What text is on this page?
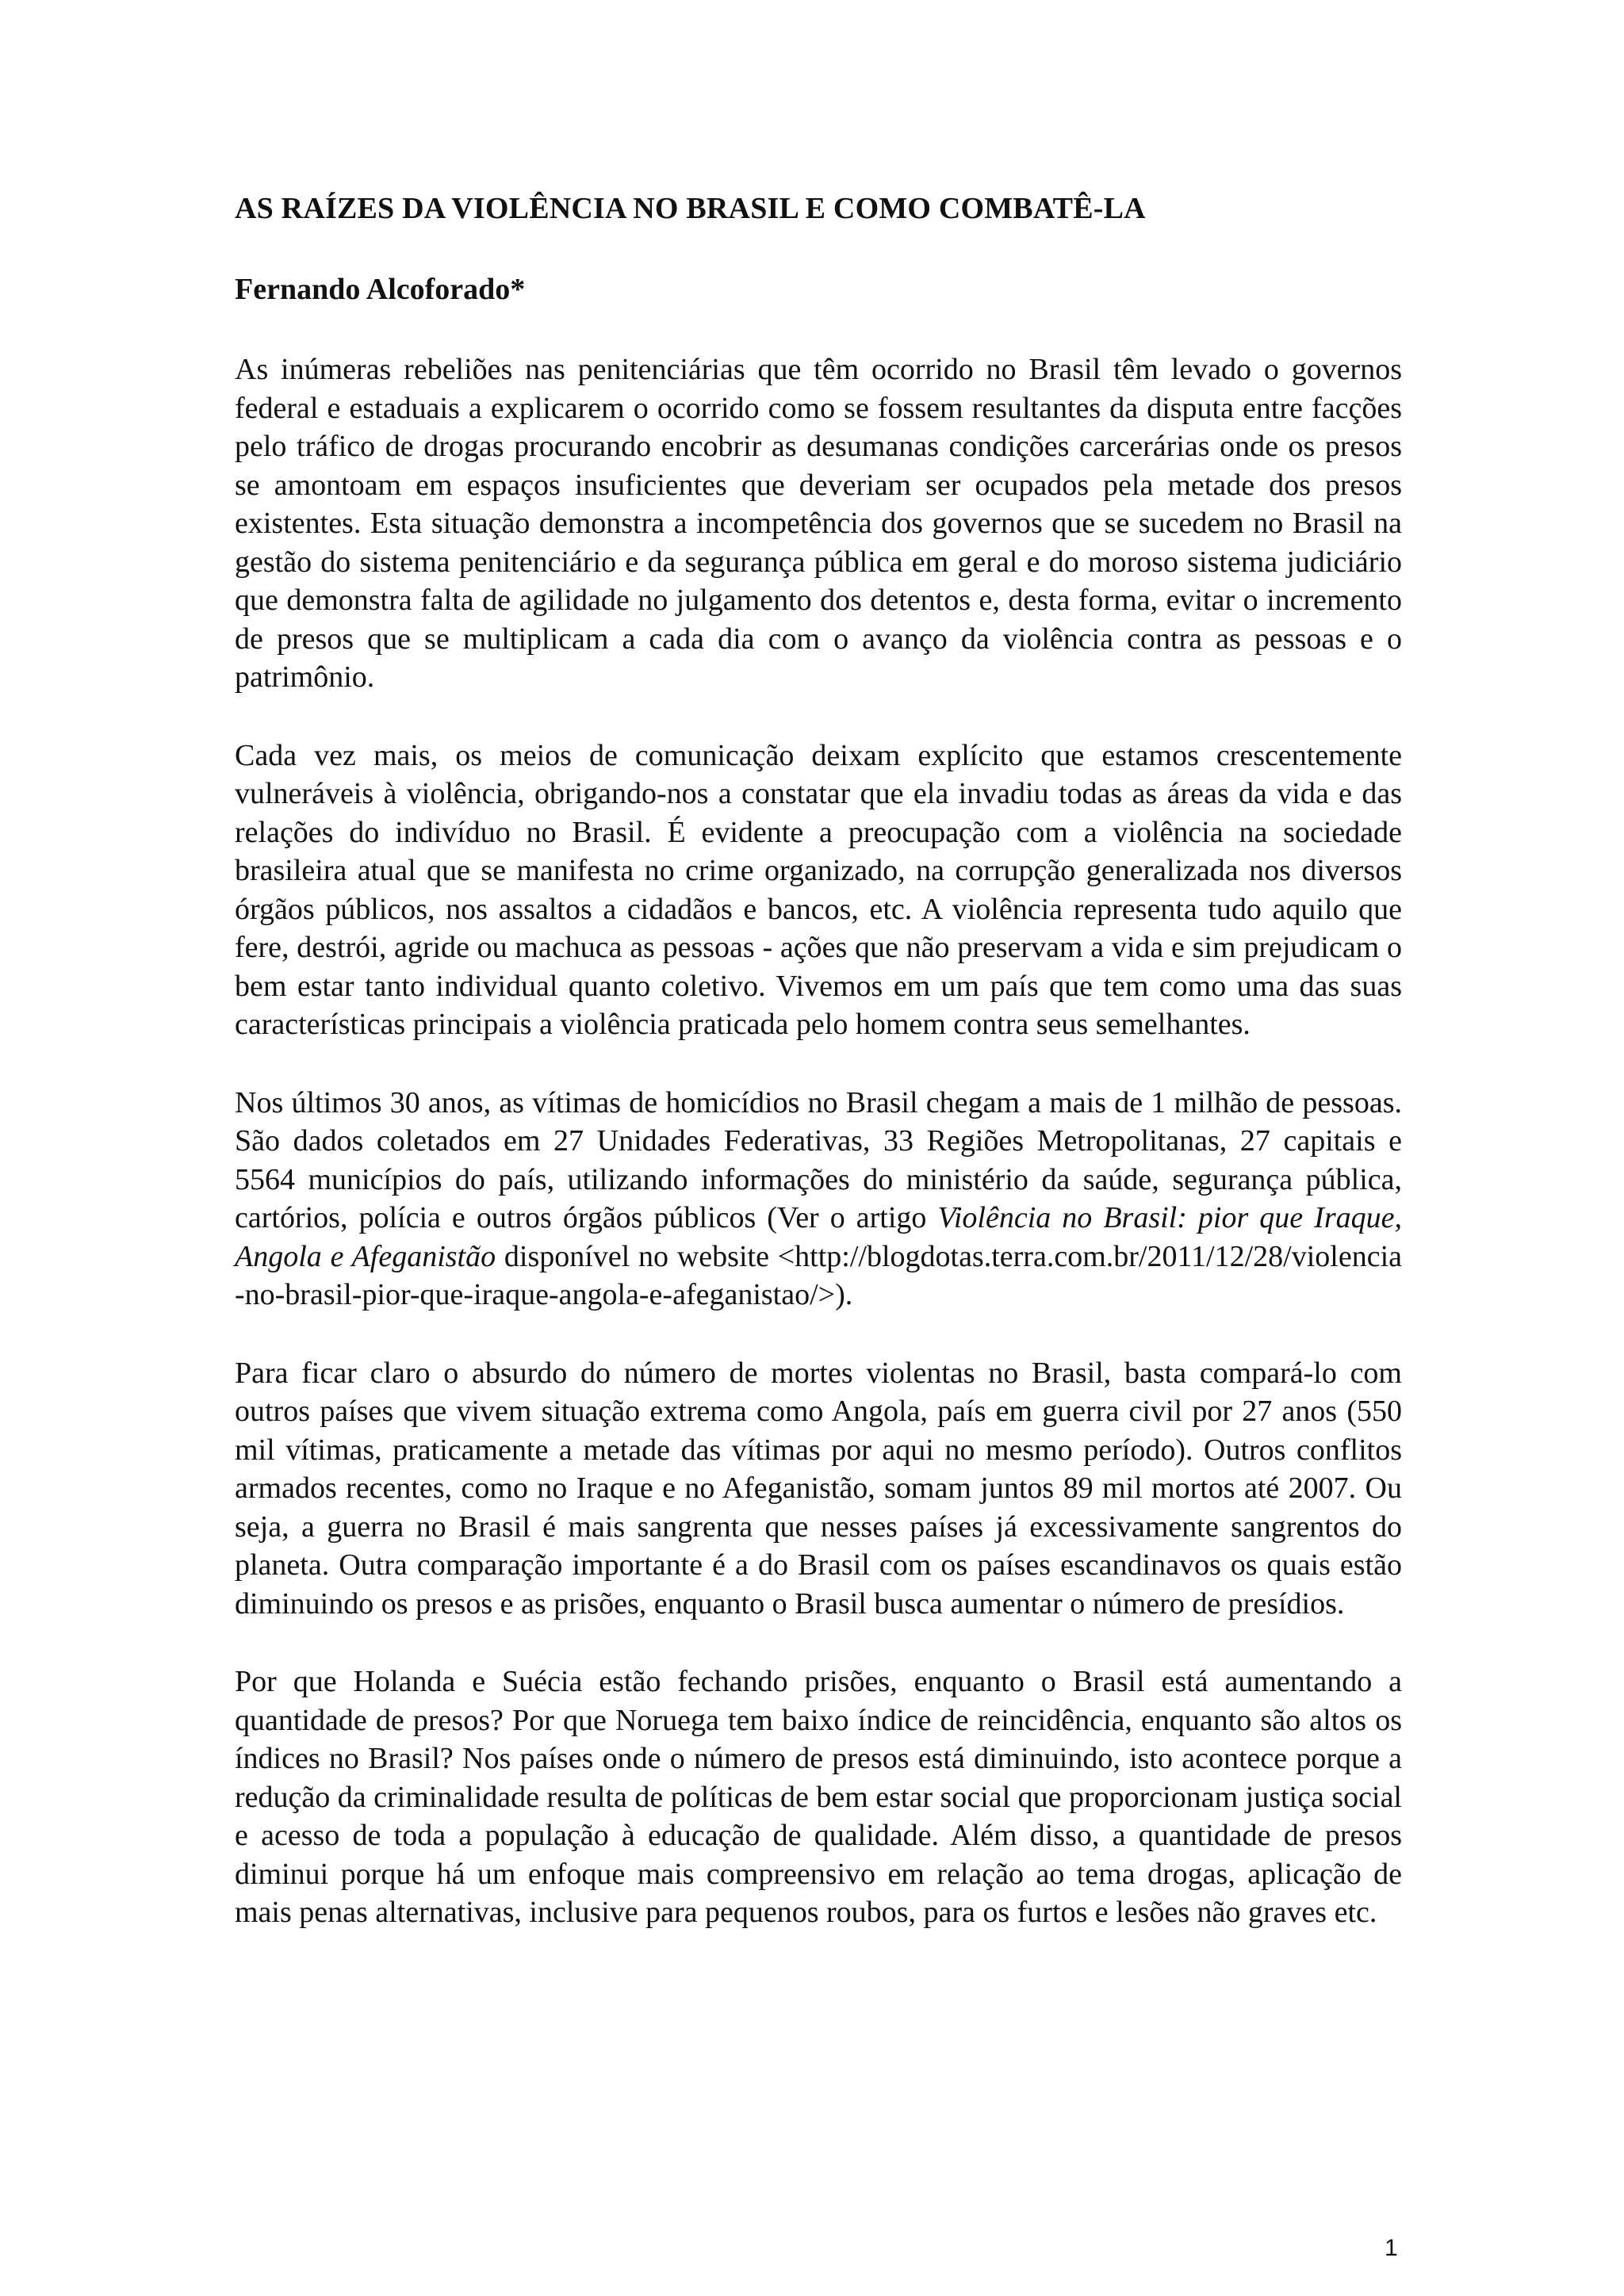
AS RAÍZES DA VIOLÊNCIA NO BRASIL E COMO COMBATÊ-LA

Fernando Alcoforado*

As inúmeras rebeliões nas penitenciárias que têm ocorrido no Brasil têm levado o governos federal e estaduais a explicarem o ocorrido como se fossem resultantes da disputa entre facções pelo tráfico de drogas procurando encobrir as desumanas condições carcerárias onde os presos se amontoam em espaços insuficientes que deveriam ser ocupados pela metade dos presos existentes. Esta situação demonstra a incompetência dos governos que se sucedem no Brasil na gestão do sistema penitenciário e da segurança pública em geral e do moroso sistema judiciário que demonstra falta de agilidade no julgamento dos detentos e, desta forma, evitar o incremento de presos que se multiplicam a cada dia com o avanço da violência contra as pessoas e o patrimônio.

Cada vez mais, os meios de comunicação deixam explícito que estamos crescentemente vulneráveis à violência, obrigando-nos a constatar que ela invadiu todas as áreas da vida e das relações do indivíduo no Brasil. É evidente a preocupação com a violência na sociedade brasileira atual que se manifesta no crime organizado, na corrupção generalizada nos diversos órgãos públicos, nos assaltos a cidadãos e bancos, etc. A violência representa tudo aquilo que fere, destrói, agride ou machuca as pessoas - ações que não preservam a vida e sim prejudicam o bem estar tanto individual quanto coletivo. Vivemos em um país que tem como uma das suas características principais a violência praticada pelo homem contra seus semelhantes.

Nos últimos 30 anos, as vítimas de homicídios no Brasil chegam a mais de 1 milhão de pessoas. São dados coletados em 27 Unidades Federativas, 33 Regiões Metropolitanas, 27 capitais e 5564 municípios do país, utilizando informações do ministério da saúde, segurança pública, cartórios, polícia e outros órgãos públicos (Ver o artigo Violência no Brasil: pior que Iraque, Angola e Afeganistão disponível no website <http://blogdotas.terra.com.br/2011/12/28/violencia-no-brasil-pior-que-iraque-angola-e-afeganistao/>).

Para ficar claro o absurdo do número de mortes violentas no Brasil, basta compará-lo com outros países que vivem situação extrema como Angola, país em guerra civil por 27 anos (550 mil vítimas, praticamente a metade das vítimas por aqui no mesmo período). Outros conflitos armados recentes, como no Iraque e no Afeganistão, somam juntos 89 mil mortos até 2007. Ou seja, a guerra no Brasil é mais sangrenta que nesses países já excessivamente sangrentos do planeta. Outra comparação importante é a do Brasil com os países escandinavos os quais estão diminuindo os presos e as prisões, enquanto o Brasil busca aumentar o número de presídios.

Por que Holanda e Suécia estão fechando prisões, enquanto o Brasil está aumentando a quantidade de presos? Por que Noruega tem baixo índice de reincidência, enquanto são altos os índices no Brasil? Nos países onde o número de presos está diminuindo, isto acontece porque a redução da criminalidade resulta de políticas de bem estar social que proporcionam justiça social e acesso de toda a população à educação de qualidade. Além disso, a quantidade de presos diminui porque há um enfoque mais compreensivo em relação ao tema drogas, aplicação de mais penas alternativas, inclusive para pequenos roubos, para os furtos e lesões não graves etc.

1
